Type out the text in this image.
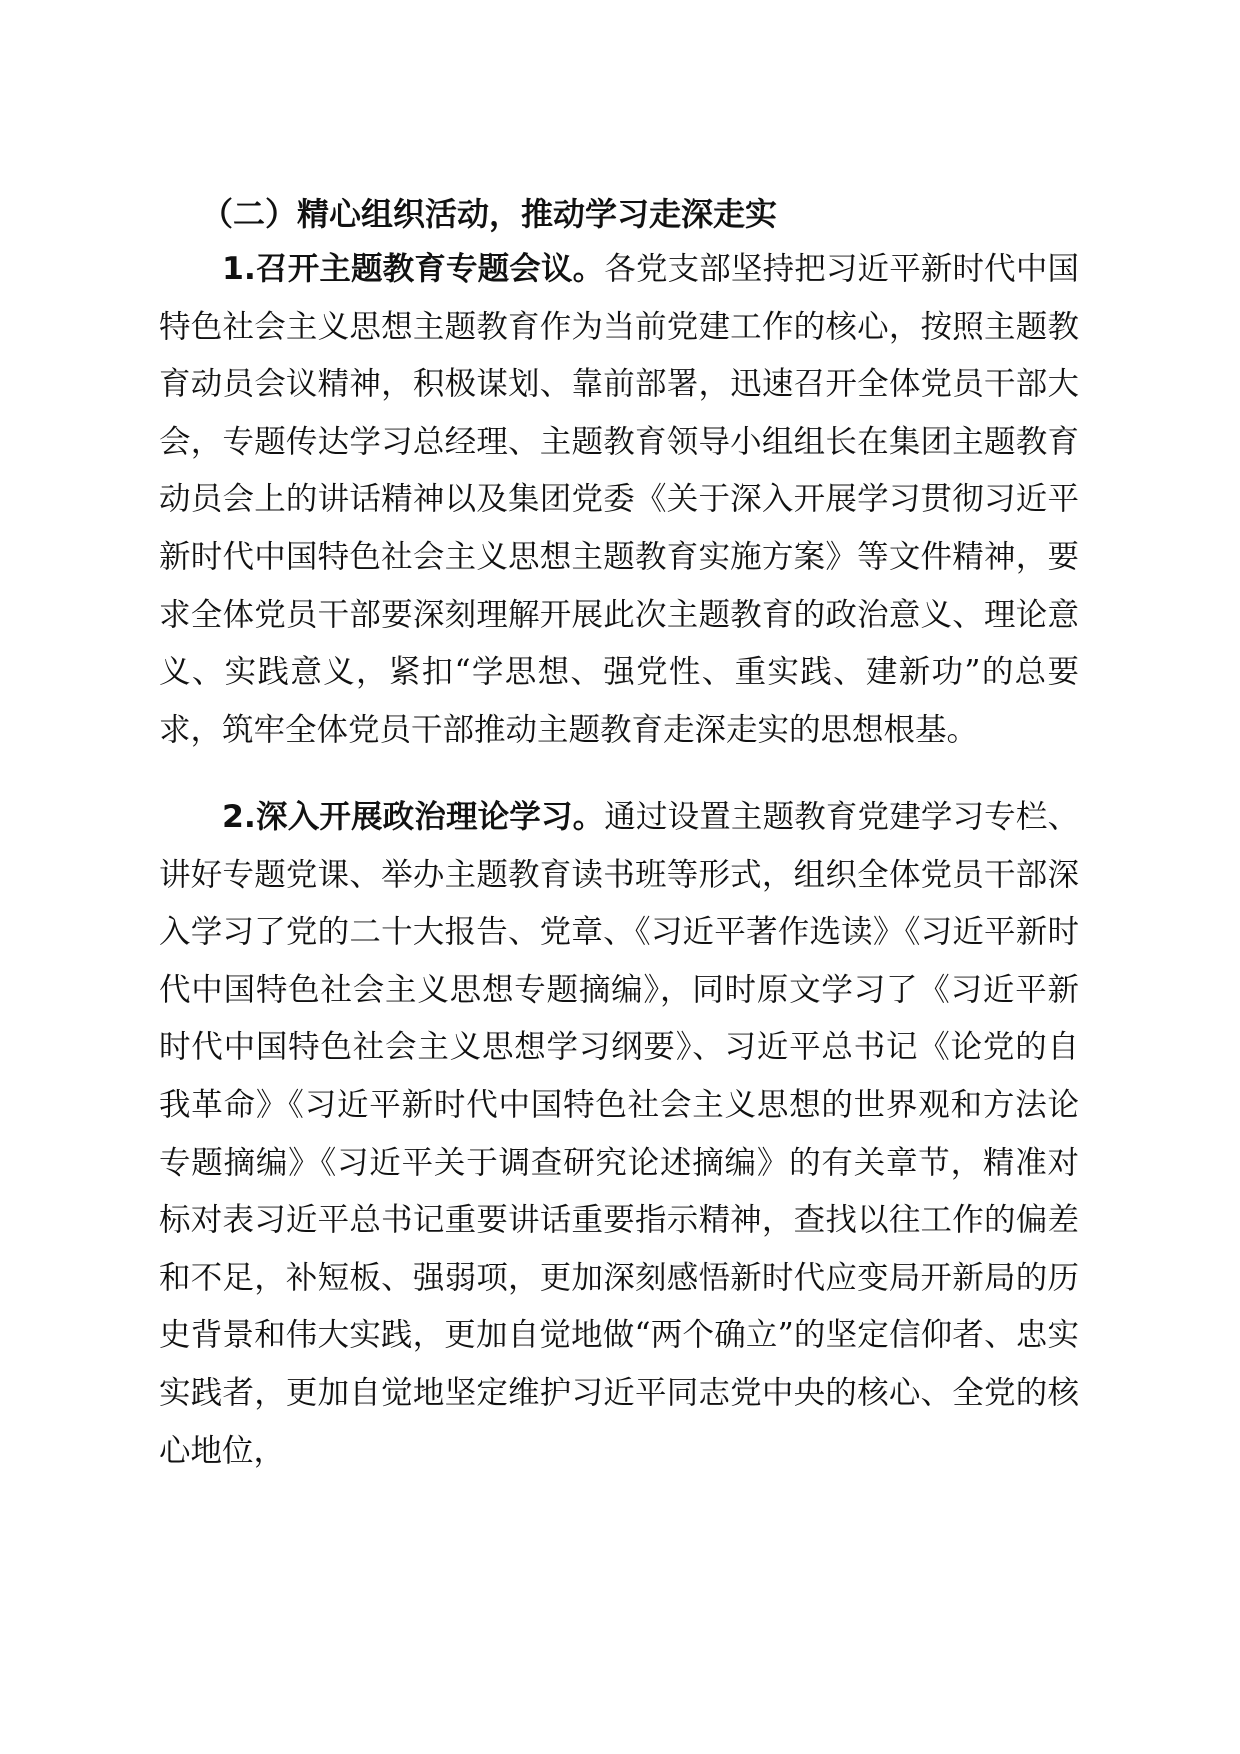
（二）精心组织活动，推动学习走深走实

1.召开主题教育专题会议。各党支部坚持把习近平新时代中国特色社会主义思想主题教育作为当前党建工作的核心，按照主题教育动员会议精神，积极谋划、靠前部署，迅速召开全体党员干部大会，专题传达学习总经理、主题教育领导小组组长在集团主题教育动员会上的讲话精神以及集团党委《关于深入开展学习贯彻习近平新时代中国特色社会主义思想主题教育实施方案》等文件精神，要求全体党员干部要深刻理解开展此次主题教育的政治意义、理论意义、实践意义，紧扣“学思想、强党性、重实践、建新功”的总要求，筑牢全体党员干部推动主题教育走深走实的思想根基。

2.深入开展政治理论学习。通过设置主题教育党建学习专栏、讲好专题党课、举办主题教育读书班等形式，组织全体党员干部深入学习了党的二十大报告、党章、《习近平著作选读》《习近平新时代中国特色社会主义思想专题摘编》，同时原文学习了《习近平新时代中国特色社会主义思想学习纲要》、习近平总书记《论党的自我革命》《习近平新时代中国特色社会主义思想的世界观和方法论专题摘编》《习近平关于调查研究论述摘编》的有关章节，精准对标对表习近平总书记重要讲话重要指示精神，查找以往工作的偏差和不足，补短板、强弱项，更加深刻感悟新时代应变局开新局的历史背景和伟大实践，更加自觉地做“两个确立”的坚定信仰者、忠实实践者，更加自觉地坚定维护习近平同志党中央的核心、全党的核心地位，
